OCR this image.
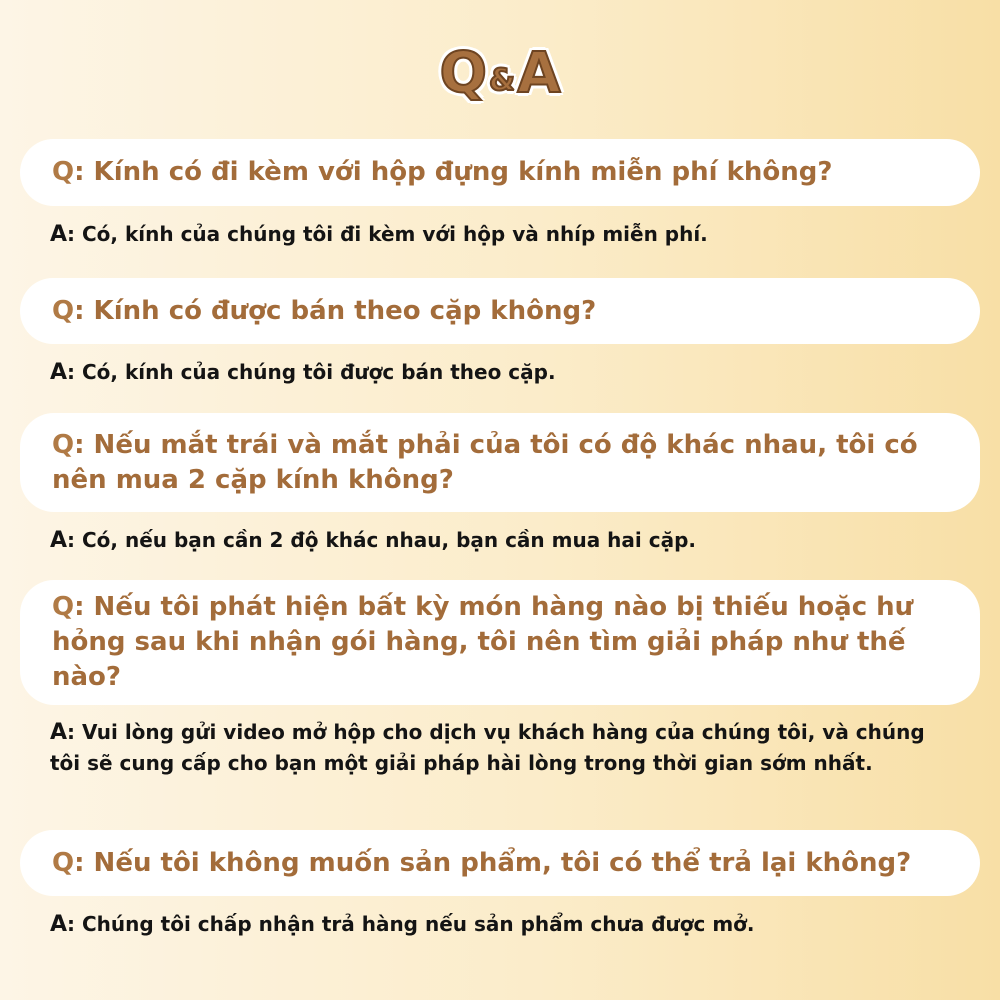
Q & A
Q: Kính có đi kèm với hộp đựng kính miễn phí không?
A: Có, kính của chúng tôi đi kèm với hộp và nhíp miễn phí.
Q: Kính có được bán theo cặp không?
A: Có, kính của chúng tôi được bán theo cặp.
Q: Nếu mắt trái và mắt phải của tôi có độ khác nhau, tôi có nên mua 2 cặp kính không?
A: Có, nếu bạn cần 2 độ khác nhau, bạn cần mua hai cặp.
Q: Nếu tôi phát hiện bất kỳ món hàng nào bị thiếu hoặc hư hỏng sau khi nhận gói hàng, tôi nên tìm giải pháp như thế nào?
A: Vui lòng gửi video mở hộp cho dịch vụ khách hàng của chúng tôi, và chúng tôi sẽ cung cấp cho bạn một giải pháp hài lòng trong thời gian sớm nhất.
Q: Nếu tôi không muốn sản phẩm, tôi có thể trả lại không?
A: Chúng tôi chấp nhận trả hàng nếu sản phẩm chưa được mở.
